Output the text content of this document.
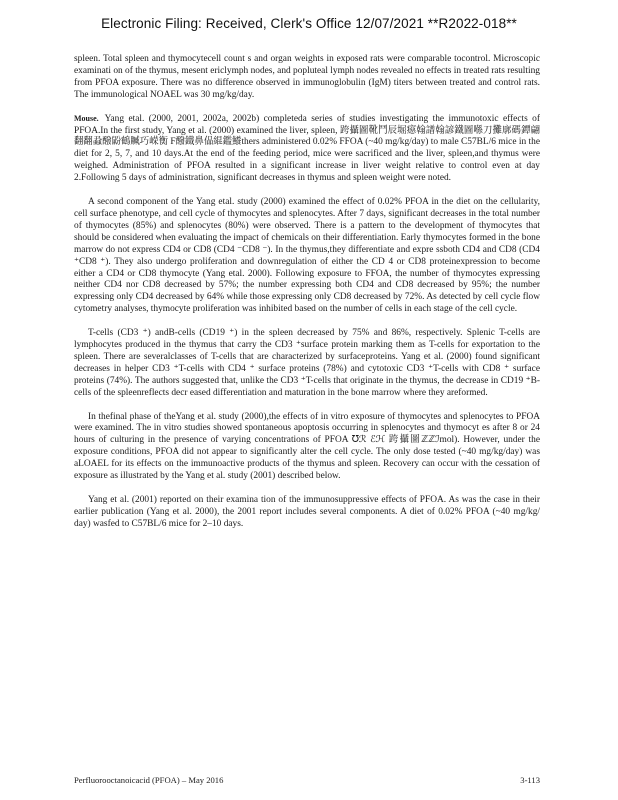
Electronic Filing: Received, Clerk's Office 12/07/2021 **R2022-018**

spleen. Total spleen and thymocytecell count s and organ weights in exposed rats were comparable tocontrol. Microscopic examinati on of the thymus, mesent ericlymph nodes, and popluteal lymph nodes revealed no effects in treated rats resulting from PFOA exposure. There was no difference observed in immunoglobulin (IgM) titers between treated and control rats. The immunological NOAEL was 30 mg/kg/day.

Mouse. Yang etal. (2000, 2001, 2002a, 2002b) completeda series of studies investigating the immunotoxic effects of PFOA.In the first study, Yang et al. (2000) examined the liver, spleen, 跨攝圖靴鬥辰堀癋翰譜翰諺鐵圖喺刀攤廓碼鐔翩翻翻蝨醱鼢鶴贓巧嵘衡 F醱鐵鼻偘緄鑑鱶thers administered 0.02% FFOA (~40 mg/kg/day) to male C57BL/6 mice in the diet for 2, 5, 7, and 10 days.At the end of the feeding period, mice were sacrificed and the liver, spleen,and thymus were weighed. Administration of PFOA resulted in a significant increase in liver weight relative to control even at day 2.Following 5 days of administration, significant decreases in thymus and spleen weight were noted.

A second component of the Yang etal. study (2000) examined the effect of 0.02% PFOA in the diet on the cellularity, cell surface phenotype, and cell cycle of thymocytes and splenocytes. After 7 days, significant decreases in the total number of thymocytes (85%) and splenocytes (80%) were observed. There is a pattern to the development of thymocytes that should be considered when evaluating the impact of chemicals on their differentiation. Early thymocytes formed in the bone marrow do not express CD4 or CD8 (CD4 ⁻CD8 ⁻). In the thymus,they differentiate and expre ssboth CD4 and CD8 (CD4 ⁺CD8 ⁺). They also undergo proliferation and downregulation of either the CD 4 or CD8 proteinexpression to become either a CD4 or CD8 thymocyte (Yang etal. 2000). Following exposure to FFOA, the number of thymocytes expressing neither CD4 nor CD8 decreased by 57%; the number expressing both CD4 and CD8 decreased by 95%; the number expressing only CD4 decreased by 64% while those expressing only CD8 decreased by 72%. As detected by cell cycle flow cytometry analyses, thymocyte proliferation was inhibited based on the number of cells in each stage of the cell cycle.

T-cells (CD3 ⁺) andB-cells (CD19 ⁺) in the spleen decreased by 75% and 86%, respectively. Splenic T-cells are lymphocytes produced in the thymus that carry the CD3 ⁺surface protein marking them as T-cells for exportation to the spleen. There are severalclasses of T-cells that are characterized by surfaceproteins. Yang et al. (2000) found significant decreases in helper CD3 ⁺T-cells with CD4 ⁺ surface proteins (78%) and cytotoxic CD3 ⁺T-cells with CD8 ⁺ surface proteins (74%). The authors suggested that, unlike the CD3 ⁺T-cells that originate in the thymus, the decrease in CD19 ⁺B-cells of the spleenreflects decr eased differentiation and maturation in the bone marrow where they areformed.

In thefinal phase of theYang et al. study (2000),the effects of in vitro exposure of thymocytes and splenocytes to PFOA were examined. The in vitro studies showed spontaneous apoptosis occurring in splenocytes and thymocyt es after 8 or 24 hours of culturing in the presence of varying concentrations of PFOA ℧ℛ ℰℋ 跨攝圖ℤℤℐmol). However, under the exposure conditions, PFOA did not appear to significantly alter the cell cycle. The only dose tested (~40 mg/kg/day) was aLOAEL for its effects on the immunoactive products of the thymus and spleen. Recovery can occur with the cessation of exposure as illustrated by the Yang et al. study (2001) described below.

Yang et al. (2001) reported on their examina tion of the immunosuppressive effects of PFOA. As was the case in their earlier publication (Yang et al. 2000), the 2001 report includes several components. A diet of 0.02% PFOA (~40 mg/kg/ day) wasfed to C57BL/6 mice for 2–10 days.

Perfluorooctanoicacid (PFOA) – May 2016	3-113
